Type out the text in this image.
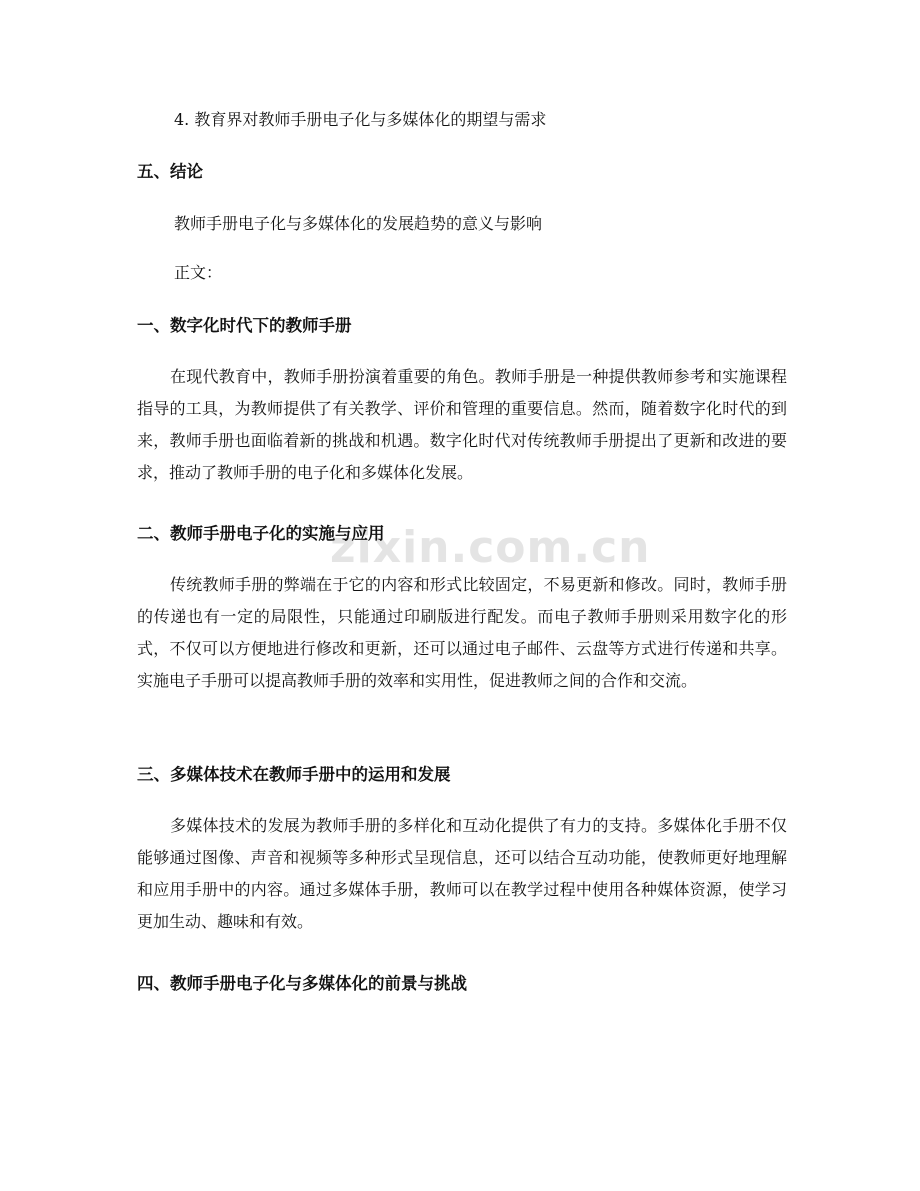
zixin.com.cn

4. 教育界对教师手册电子化与多媒体化的期望与需求

五、结论

教师手册电子化与多媒体化的发展趋势的意义与影响

正文：

一、数字化时代下的教师手册

在现代教育中，教师手册扮演着重要的角色。教师手册是一种提供教师参考和实施课程指导的工具，为教师提供了有关教学、评价和管理的重要信息。然而，随着数字化时代的到来，教师手册也面临着新的挑战和机遇。数字化时代对传统教师手册提出了更新和改进的要求，推动了教师手册的电子化和多媒体化发展。

二、教师手册电子化的实施与应用

传统教师手册的弊端在于它的内容和形式比较固定，不易更新和修改。同时，教师手册的传递也有一定的局限性，只能通过印刷版进行配发。而电子教师手册则采用数字化的形式，不仅可以方便地进行修改和更新，还可以通过电子邮件、云盘等方式进行传递和共享。实施电子手册可以提高教师手册的效率和实用性，促进教师之间的合作和交流。

三、多媒体技术在教师手册中的运用和发展

多媒体技术的发展为教师手册的多样化和互动化提供了有力的支持。多媒体化手册不仅能够通过图像、声音和视频等多种形式呈现信息，还可以结合互动功能，使教师更好地理解和应用手册中的内容。通过多媒体手册，教师可以在教学过程中使用各种媒体资源，使学习更加生动、趣味和有效。

四、教师手册电子化与多媒体化的前景与挑战
